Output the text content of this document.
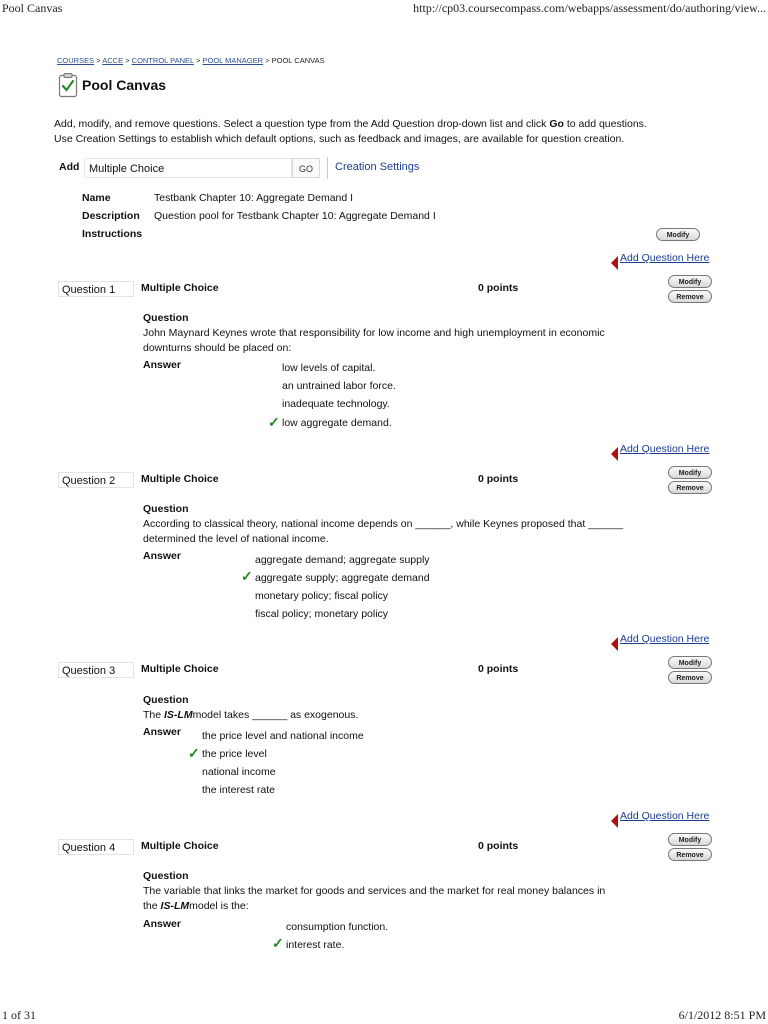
Pool Canvas	http://cp03.coursecompass.com/webapps/assessment/do/authoring/view...
COURSES > ACCE > CONTROL PANEL > POOL MANAGER > POOL CANVAS
Pool Canvas
Add, modify, and remove questions. Select a question type from the Add Question drop-down list and click Go to add questions.
Use Creation Settings to establish which default options, such as feedback and images, are available for question creation.
Add Multiple Choice	GO	Creation Settings
Name	Testbank Chapter 10: Aggregate Demand I
Description Question pool for Testbank Chapter 10: Aggregate Demand I
Instructions	Modify
Add Question Here
Question 1	Multiple Choice	0 points	Modify
Remove
Question
John Maynard Keynes wrote that responsibility for low income and high unemployment in economic downturns should be placed on:
Answer	low levels of capital.
an untrained labor force.
inadequate technology.
✓ low aggregate demand.
Add Question Here
Question 2	Multiple Choice	0 points	Modify
Remove
Question
According to classical theory, national income depends on ______, while Keynes proposed that ______ determined the level of national income.
Answer	aggregate demand; aggregate supply
✓ aggregate supply; aggregate demand
monetary policy; fiscal policy
fiscal policy; monetary policy
Add Question Here
Question 3	Multiple Choice	0 points	Modify
Remove
Question
The IS-LMmodel takes ______ as exogenous.
Answer the price level and national income
✓ the price level
national income
the interest rate
Add Question Here
Question 4	Multiple Choice	0 points	Modify
Remove
Question
The variable that links the market for goods and services and the market for real money balances in
the IS-LMmodel is the:
Answer	consumption function.
✓ interest rate.
1 of 31	6/1/2012 8:51 PM
